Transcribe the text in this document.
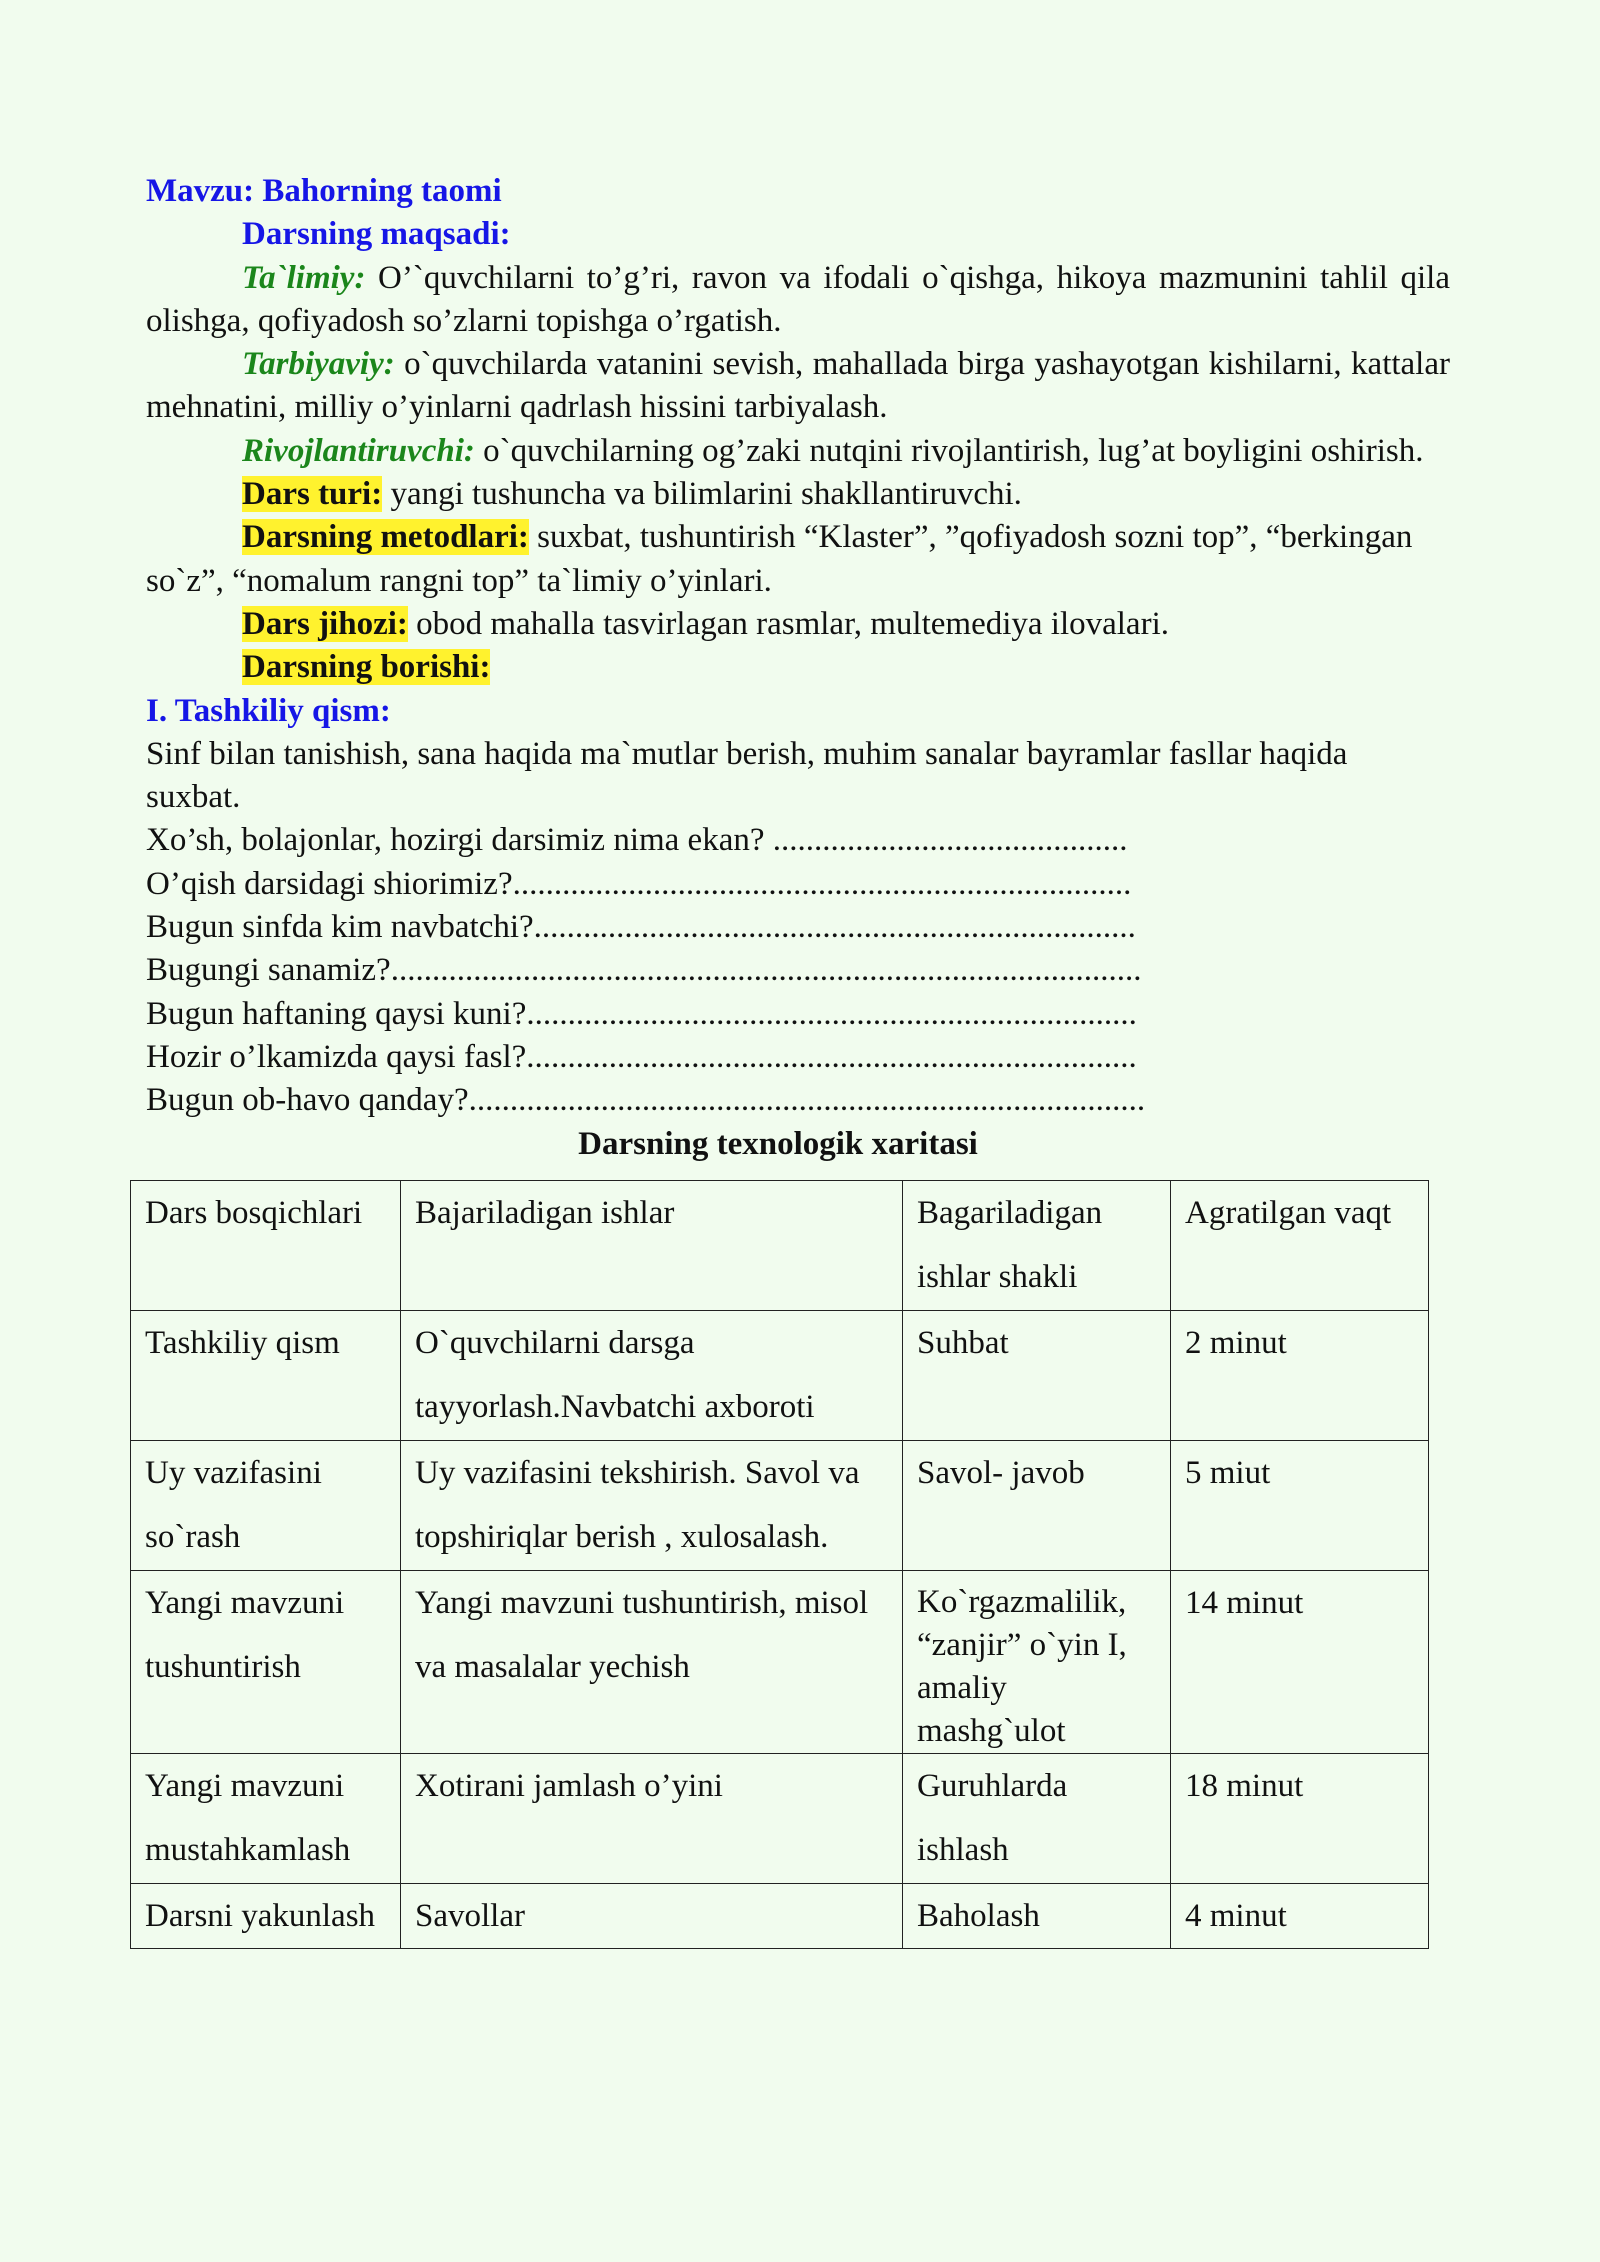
Mavzu: Bahorning taomi

Darsning maqsadi:

Ta`limiy: O’`quvchilarni to’g’ri, ravon va ifodali o`qishga, hikoya mazmunini tahlil qila olishga, qofiyadosh so’zlarni topishga o’rgatish.

Tarbiyaviy: o`quvchilarda vatanini sevish, mahallada birga yashayotgan kishilarni, kattalar mehnatini, milliy o’yinlarni qadrlash hissini tarbiyalash.

Rivojlantiruvchi: o`quvchilarning og’zaki nutqini rivojlantirish, lug’at boyligini oshirish.

Dars turi: yangi tushuncha va bilimlarini shakllantiruvchi.

Darsning metodlari: suxbat, tushuntirish “Klaster”, ”qofiyadosh sozni top”, “berkingan so`z”, “nomalum rangni top” ta`limiy o’yinlari.

Dars jihozi: obod mahalla tasvirlagan rasmlar, multemediya ilovalari.

Darsning borishi:

I. Tashkiliy qism:

Sinf bilan tanishish, sana haqida ma`mutlar berish, muhim sanalar bayramlar fasllar haqida suxbat.

Xo’sh, bolajonlar, hozirgi darsimiz nima ekan? ...........................................

O’qish darsidagi shiorimiz?...........................................................................

Bugun sinfda kim navbatchi?.........................................................................

Bugungi sanamiz?...........................................................................................

Bugun haftaning qaysi kuni?..........................................................................

Hozir o’lkamizda qaysi fasl?..........................................................................

Bugun ob-havo qanday?..................................................................................

Darsning texnologik xaritasi

Dars bosqichlari	Bajariladigan ishlar	Bagariladigan ishlar shakli	Agratilgan vaqt
Tashkiliy qism	O`quvchilarni darsga tayyorlash.Navbatchi axboroti	Suhbat	2 minut
Uy vazifasini so`rash	Uy vazifasini tekshirish. Savol va topshiriqlar berish , xulosalash.	Savol- javob	5 miut
Yangi mavzuni tushuntirish	Yangi mavzuni tushuntirish, misol va masalalar yechish	Ko`rgazmalilik, “zanjir” o`yin I, amaliy mashg`ulot	14 minut
Yangi mavzuni mustahkamlash	Xotirani jamlash o’yini	Guruhlarda ishlash	18 minut
Darsni yakunlash	Savollar	Baholash	4 minut
